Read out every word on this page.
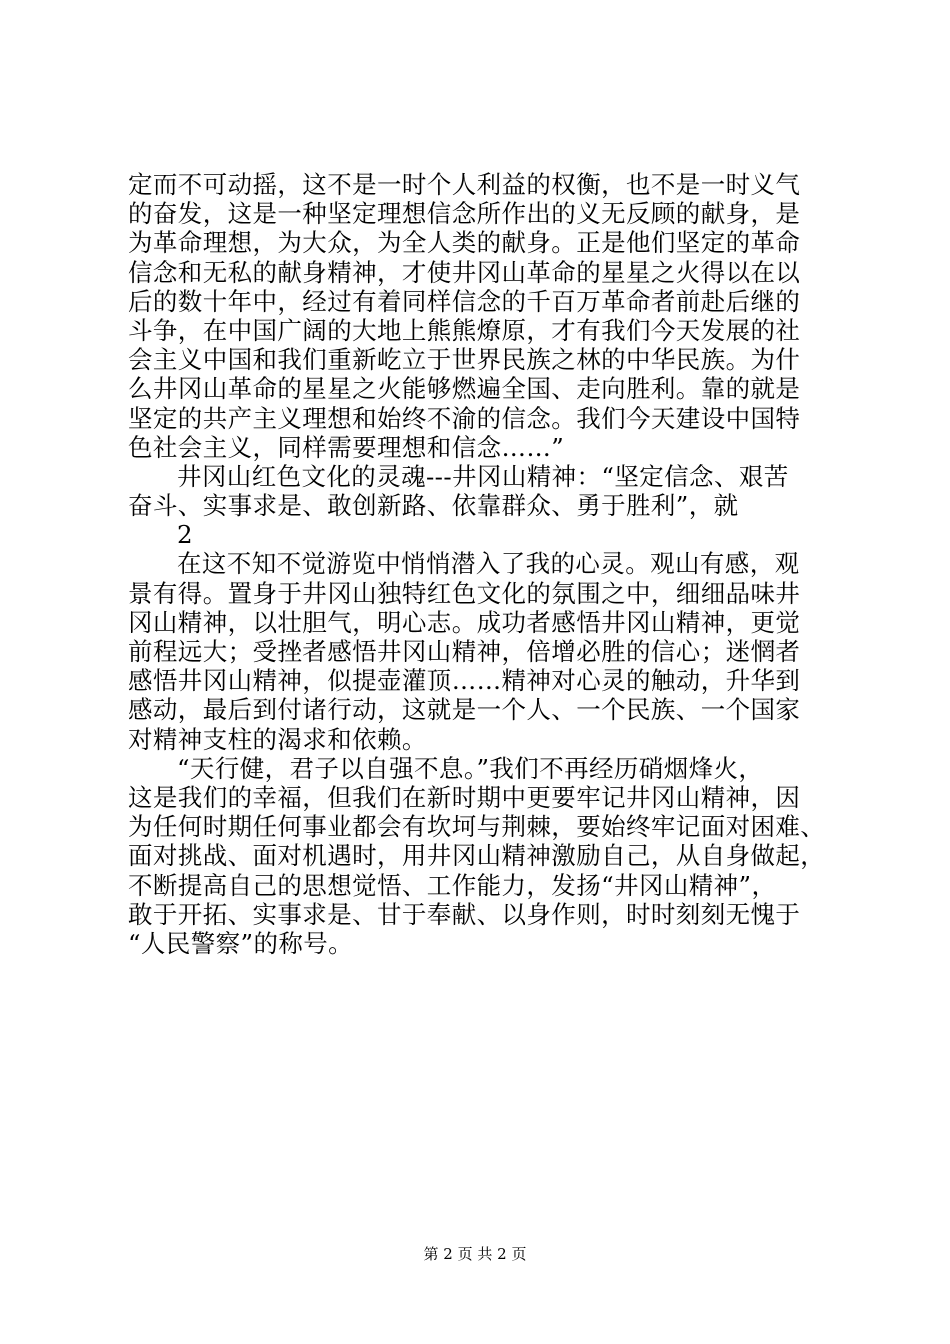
定而不可动摇，这不是一时个人利益的权衡，也不是一时义气
的奋发，这是一种坚定理想信念所作出的义无反顾的献身，是
为革命理想，为大众，为全人类的献身。正是他们坚定的革命
信念和无私的献身精神，才使井冈山革命的星星之火得以在以
后的数十年中，经过有着同样信念的千百万革命者前赴后继的
斗争，在中国广阔的大地上熊熊燎原，才有我们今天发展的社
会主义中国和我们重新屹立于世界民族之林的中华民族。为什
么井冈山革命的星星之火能够燃遍全国、走向胜利。靠的就是
坚定的共产主义理想和始终不渝的信念。我们今天建设中国特
色社会主义，同样需要理想和信念……”
井冈山红色文化的灵魂---井冈山精神：“坚定信念、艰苦
奋斗、实事求是、敢创新路、依靠群众、勇于胜利”，就
2
在这不知不觉游览中悄悄潜入了我的心灵。观山有感，观
景有得。置身于井冈山独特红色文化的氛围之中，细细品味井
冈山精神，以壮胆气，明心志。成功者感悟井冈山精神，更觉
前程远大；受挫者感悟井冈山精神，倍增必胜的信心；迷惘者
感悟井冈山精神，似提壶灌顶……精神对心灵的触动，升华到
感动，最后到付诸行动，这就是一个人、一个民族、一个国家
对精神支柱的渴求和依赖。
“天行健，君子以自强不息。”我们不再经历硝烟烽火，
这是我们的幸福，但我们在新时期中更要牢记井冈山精神，因
为任何时期任何事业都会有坎坷与荆棘，要始终牢记面对困难、
面对挑战、面对机遇时，用井冈山精神激励自己，从自身做起，
不断提高自己的思想觉悟、工作能力，发扬“井冈山精神”，
敢于开拓、实事求是、甘于奉献、以身作则，时时刻刻无愧于
“人民警察”的称号。
第 2 页 共 2 页
